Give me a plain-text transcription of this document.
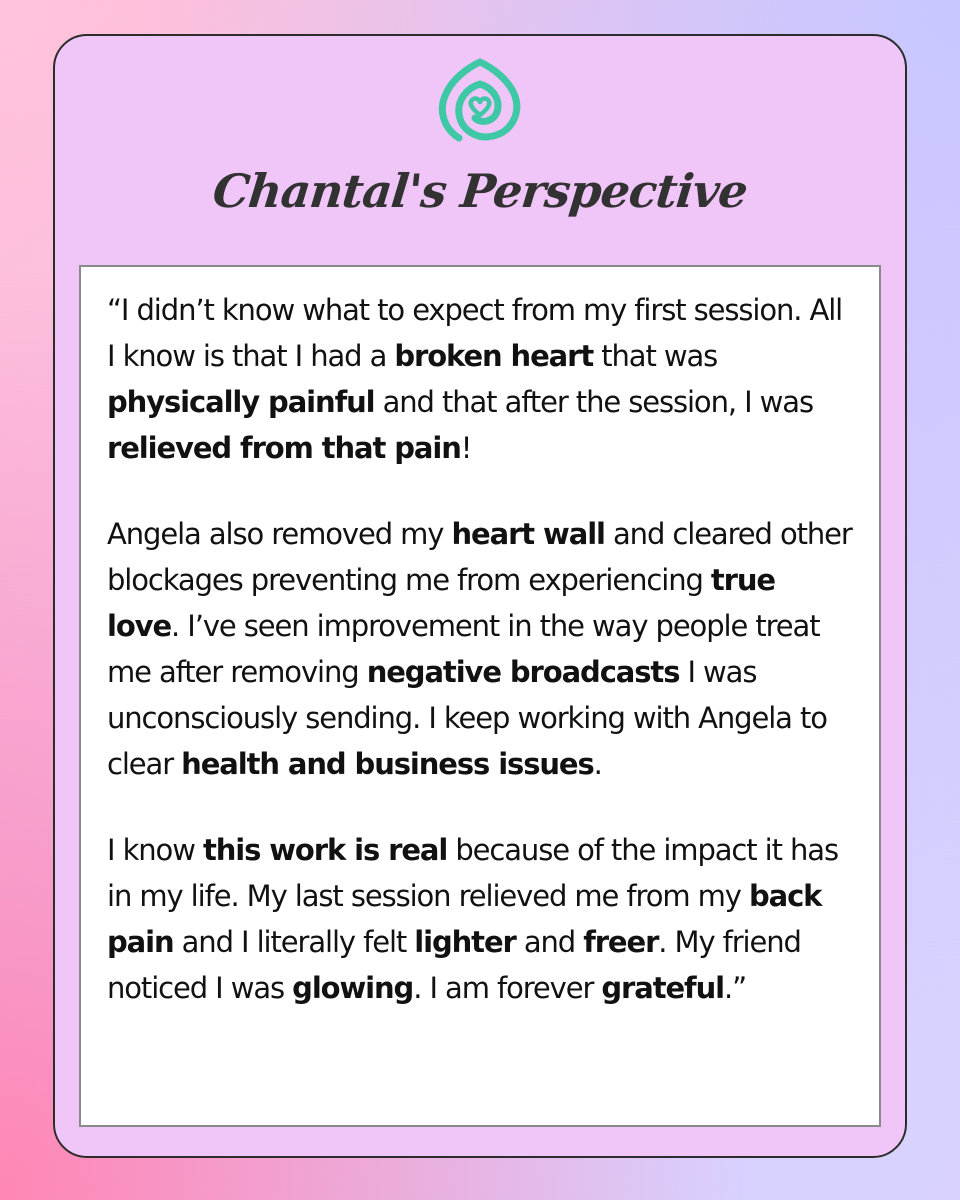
Chantal's Perspective

“I didn’t know what to expect from my first session. All I know is that I had a broken heart that was physically painful and that after the session, I was relieved from that pain!

Angela also removed my heart wall and cleared other blockages preventing me from experiencing true love. I’ve seen improvement in the way people treat me after removing negative broadcasts I was unconsciously sending. I keep working with Angela to clear health and business issues.

I know this work is real because of the impact it has in my life. My last session relieved me from my back pain and I literally felt lighter and freer. My friend noticed I was glowing. I am forever grateful.”
